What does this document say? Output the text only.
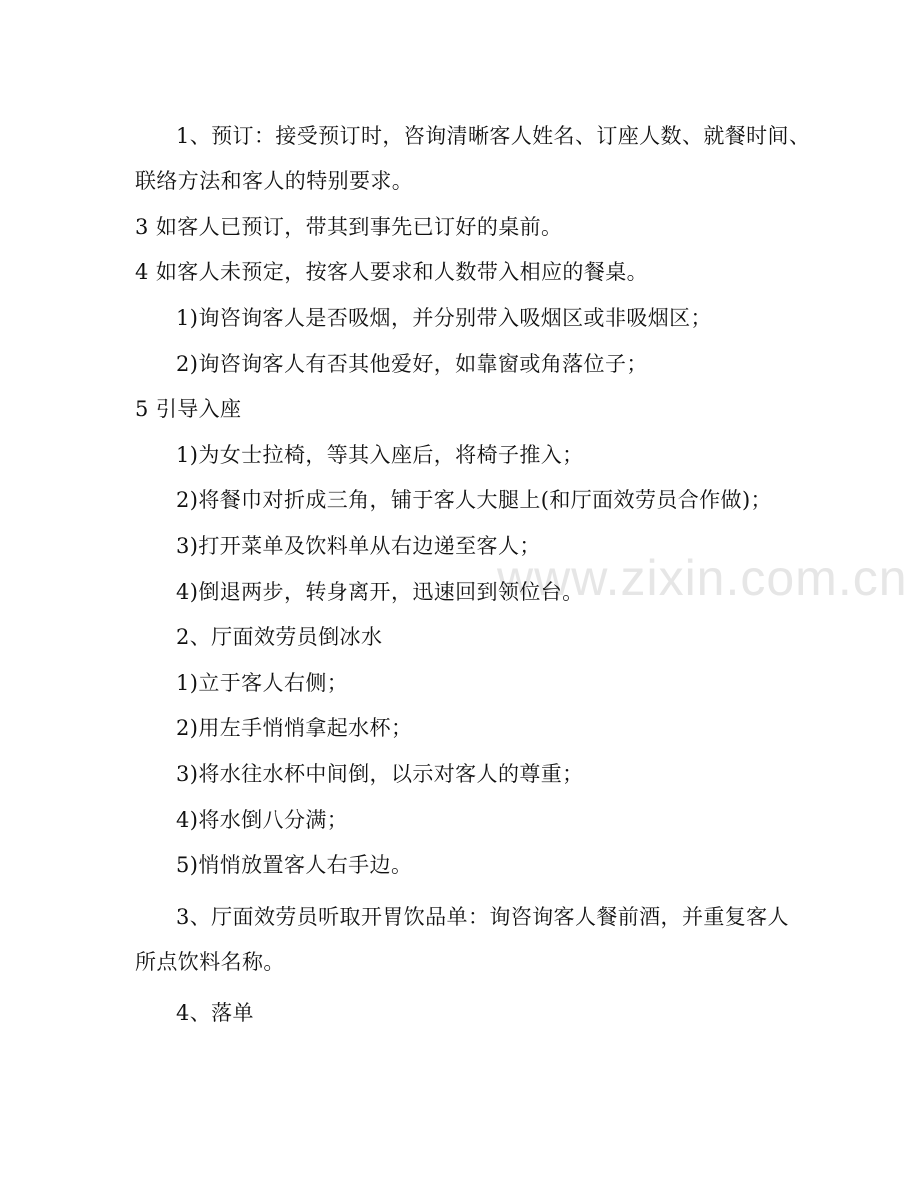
www.zixin.com.cn
1、预订：接受预订时，咨询清晰客人姓名、订座人数、就餐时间、
联络方法和客人的特别要求。
3 如客人已预订，带其到事先已订好的桌前。
4 如客人未预定，按客人要求和人数带入相应的餐桌。
1)询咨询客人是否吸烟，并分别带入吸烟区或非吸烟区；
2)询咨询客人有否其他爱好，如靠窗或角落位子；
5 引导入座
1)为女士拉椅，等其入座后，将椅子推入；
2)将餐巾对折成三角，铺于客人大腿上(和厅面效劳员合作做)；
3)打开菜单及饮料单从右边递至客人；
4)倒退两步，转身离开，迅速回到领位台。
2、厅面效劳员倒冰水
1)立于客人右侧；
2)用左手悄悄拿起水杯；
3)将水往水杯中间倒，以示对客人的尊重；
4)将水倒八分满；
5)悄悄放置客人右手边。
3、厅面效劳员听取开胃饮品单：询咨询客人餐前酒，并重复客人
所点饮料名称。
4、落单
